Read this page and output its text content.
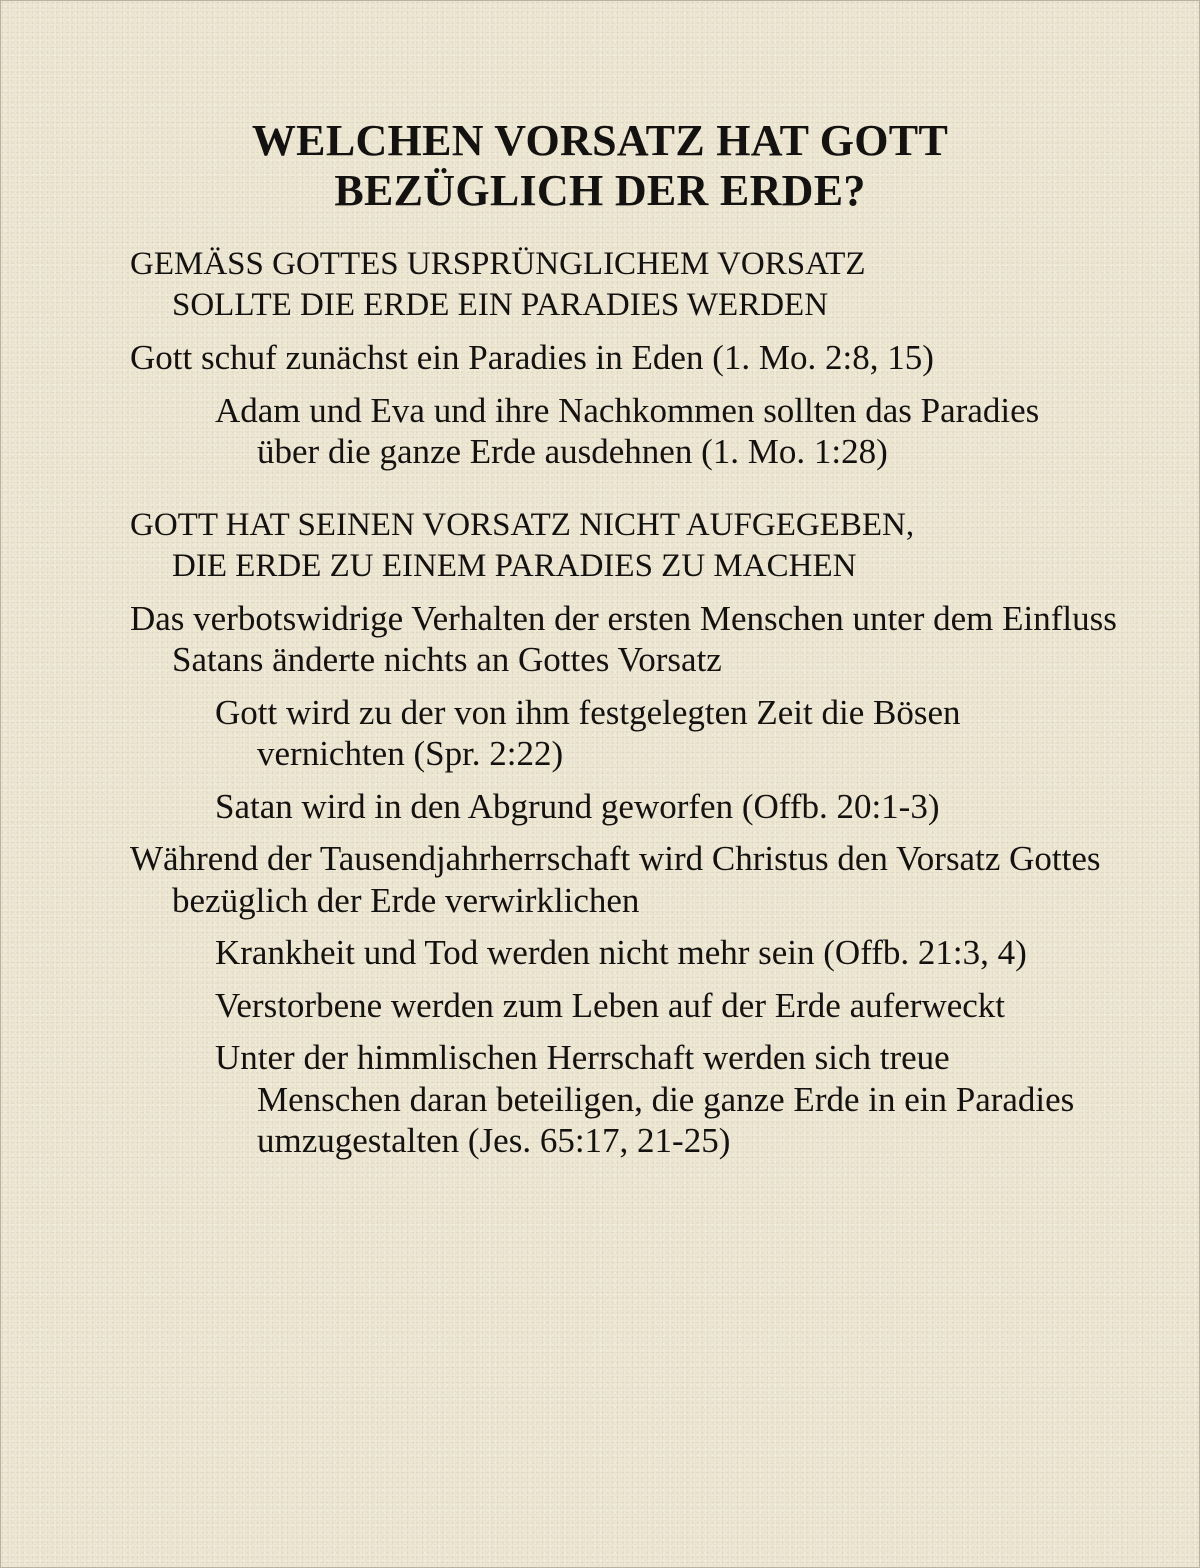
WELCHEN VORSATZ HAT GOTT
BEZÜGLICH DER ERDE?
GEMÄSS GOTTES URSPRÜNGLICHEM VORSATZ
SOLLTE DIE ERDE EIN PARADIES WERDEN
Gott schuf zunächst ein Paradies in Eden (1. Mo. 2:8, 15)
Adam und Eva und ihre Nachkommen sollten das Paradies über die ganze Erde ausdehnen (1. Mo. 1:28)
GOTT HAT SEINEN VORSATZ NICHT AUFGEGEBEN,
DIE ERDE ZU EINEM PARADIES ZU MACHEN
Das verbotswidrige Verhalten der ersten Menschen unter dem Einfluss Satans änderte nichts an Gottes Vorsatz
Gott wird zu der von ihm festgelegten Zeit die Bösen vernichten (Spr. 2:22)
Satan wird in den Abgrund geworfen (Offb. 20:1-3)
Während der Tausendjahrherrschaft wird Christus den Vorsatz Gottes bezüglich der Erde verwirklichen
Krankheit und Tod werden nicht mehr sein (Offb. 21:3, 4)
Verstorbene werden zum Leben auf der Erde auferweckt
Unter der himmlischen Herrschaft werden sich treue Menschen daran beteiligen, die ganze Erde in ein Paradies umzugestalten (Jes. 65:17, 21-25)
